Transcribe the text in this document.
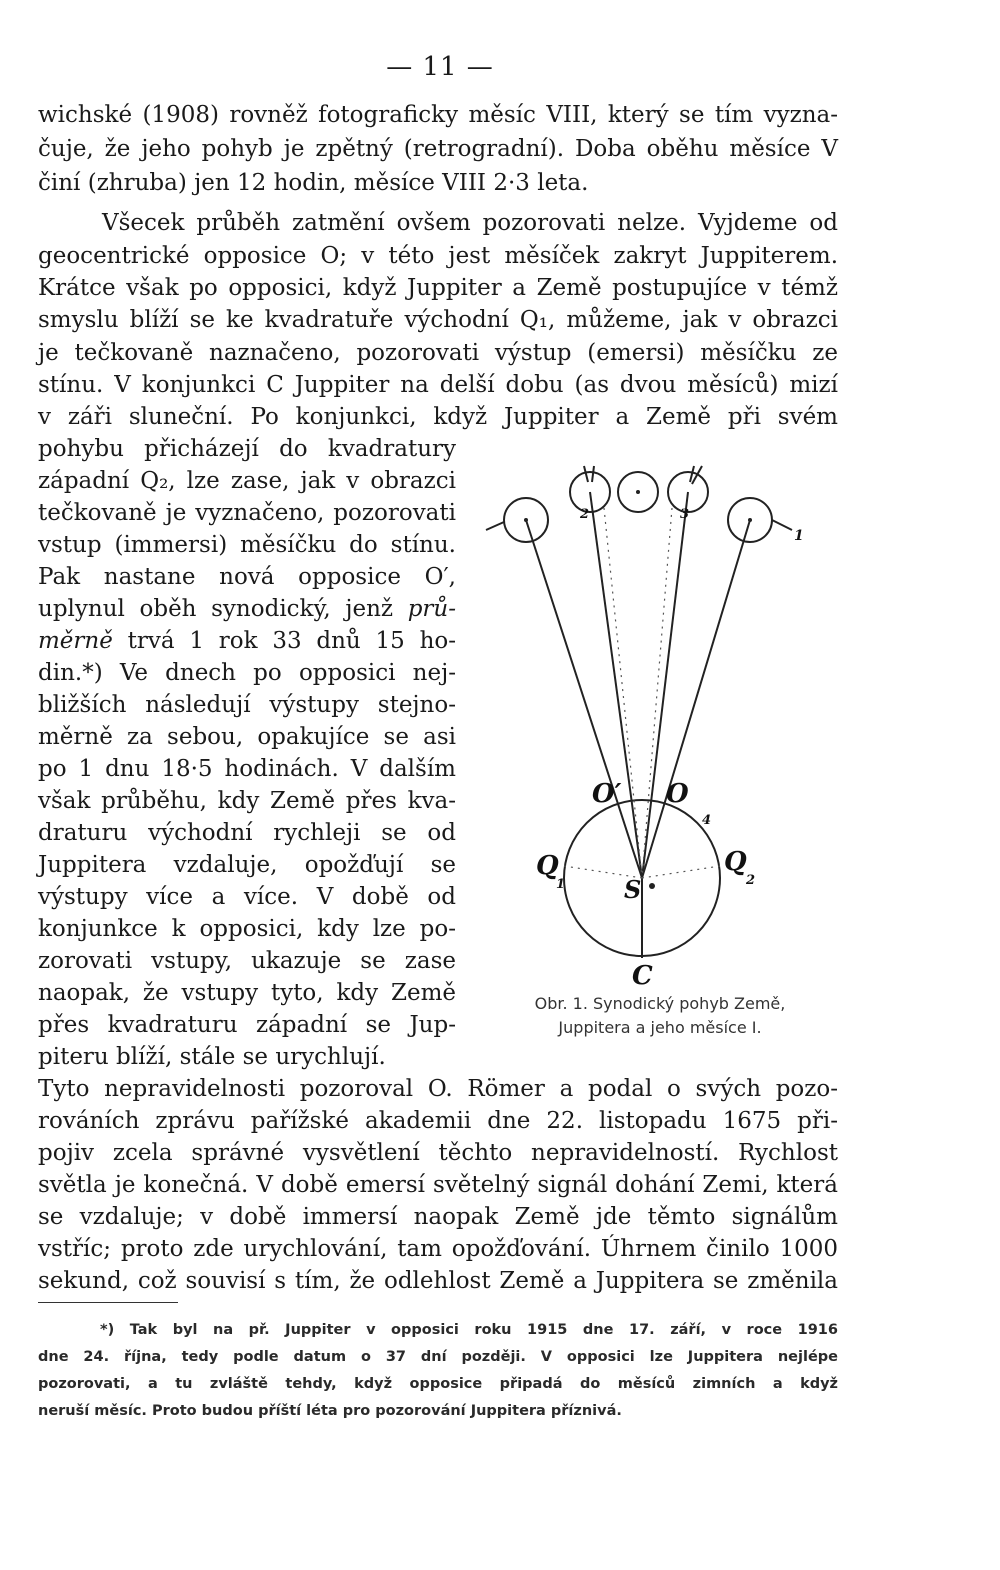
— 11 —
wichské (1908) rovněž fotograficky měsíc VIII, který se tím vyzna-
čuje, že jeho pohyb je zpětný (retrogradní). Doba oběhu měsíce V
činí (zhruba) jen 12 hodin, měsíce VIII 2·3 leta.
Všecek průběh zatmění ovšem pozorovati nelze. Vyjdeme od
geocentrické opposice O; v této jest měsíček zakryt Juppiterem.
Krátce však po opposici, když Juppiter a Země postupujíce v témž
smyslu blíží se ke kvadratuře východní Q₁, můžeme, jak v obrazci
je tečkovaně naznačeno, pozorovati výstup (emersi) měsíčku ze
stínu. V konjunkci C Juppiter na delší dobu (as dvou měsíců) mizí
v záři sluneční. Po konjunkci, když Juppiter a Země při svém
pohybu přicházejí do kvadratury
západní Q₂, lze zase, jak v obrazci
tečkovaně je vyznačeno, pozorovati
vstup (immersi) měsíčku do stínu.
Pak nastane nová opposice O′,
uplynul oběh synodický, jenž prů-
měrně trvá 1 rok 33 dnů 15 ho-
din.*) Ve dnech po opposici nej-
bližších následují výstupy stejno-
měrně za sebou, opakujíce se asi
po 1 dnu 18·5 hodinách. V dalším
však průběhu, kdy Země přes kva-
draturu východní rychleji se od
Juppitera vzdaluje, opožďují se
výstupy více a více. V době od
konjunkce k opposici, kdy lze po-
zorovati vstupy, ukazuje se zase
naopak, že vstupy tyto, kdy Země
přes kvadraturu západní se Jup-
piteru blíží, stále se urychlují.
Tyto nepravidelnosti pozoroval O. Römer a podal o svých pozo-
rováních zprávu pařížské akademii dne 22. listopadu 1675 při-
pojiv zcela správné vysvětlení těchto nepravidelností. Rychlost
světla je konečná. V době emersí světelný signál dohání Zemi, která
se vzdaluje; v době immersí naopak Země jde těmto signálům
vstříc; proto zde urychlování, tam opožďování. Úhrnem činilo 1000
sekund, což souvisí s tím, že odlehlost Země a Juppitera se změnila
*) Tak byl na př. Juppiter v opposici roku 1915 dne 17. září, v roce 1916
dne 24. října, tedy podle datum o 37 dní později. V opposici lze Juppitera nejlépe
pozorovati, a tu zvláště tehdy, když opposice připadá do měsíců zimních a když
neruší měsíc. Proto budou příští léta pro pozorování Juppitera příznivá.
O′ O
Q
1
Q
2
S
C
1
2	3
4
Obr. 1. Synodický pohyb Země,
Juppitera a jeho měsíce I.
